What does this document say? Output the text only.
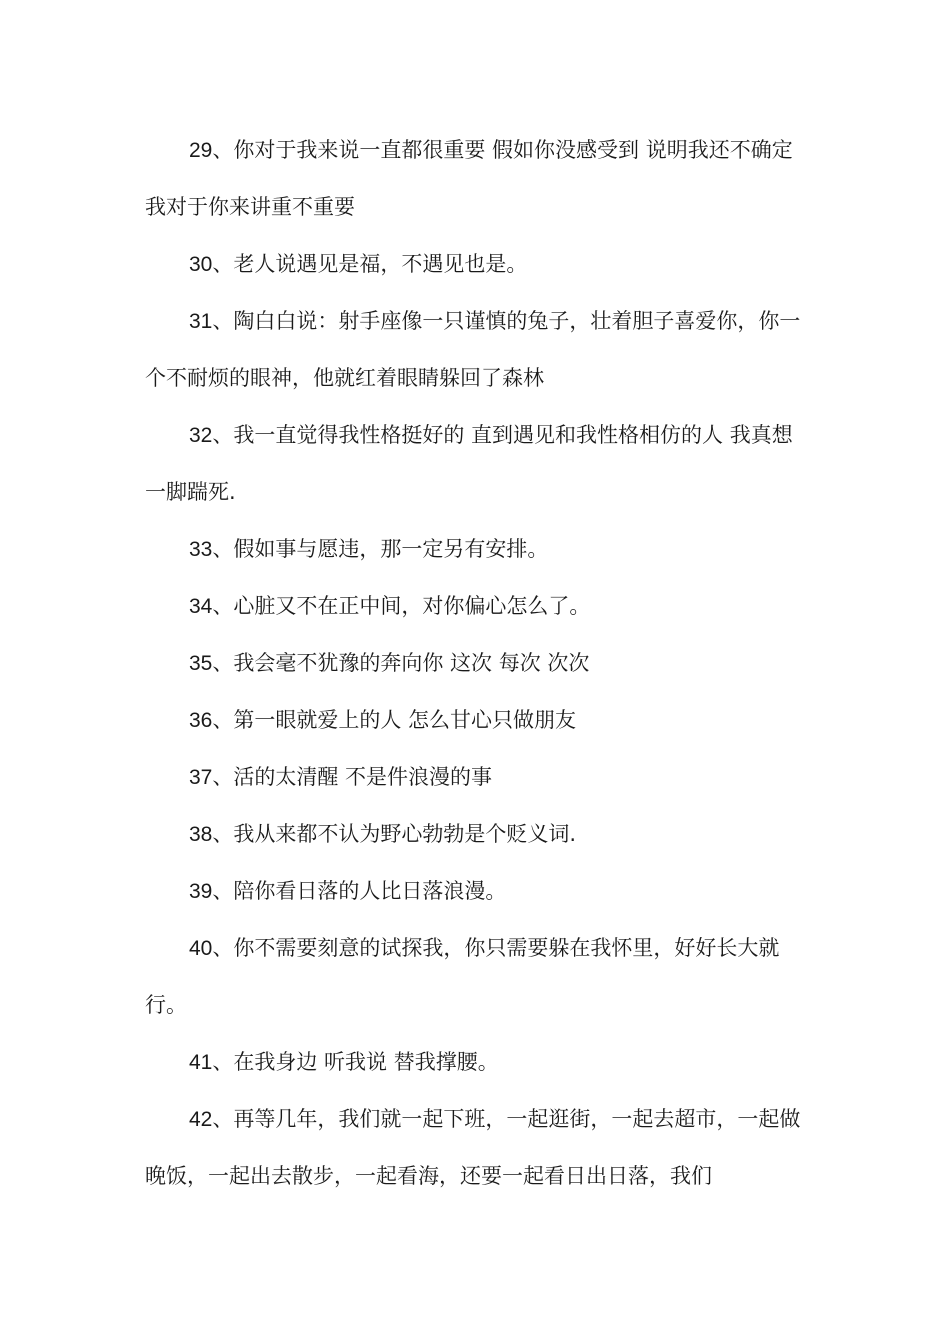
29、你对于我来说一直都很重要 假如你没感受到 说明我还不确定我对于你来讲重不重要

30、老人说遇见是福，不遇见也是。

31、陶白白说：射手座像一只谨慎的兔子，壮着胆子喜爱你，你一个不耐烦的眼神，他就红着眼睛躲回了森林

32、我一直觉得我性格挺好的 直到遇见和我性格相仿的人 我真想一脚踹死.

33、假如事与愿违，那一定另有安排。

34、心脏又不在正中间，对你偏心怎么了。

35、我会毫不犹豫的奔向你 这次 每次 次次

36、第一眼就爱上的人 怎么甘心只做朋友

37、活的太清醒 不是件浪漫的事

38、我从来都不认为野心勃勃是个贬义词.

39、陪你看日落的人比日落浪漫。

40、你不需要刻意的试探我，你只需要躲在我怀里，好好长大就行。

41、在我身边 听我说 替我撑腰。

42、再等几年，我们就一起下班，一起逛街，一起去超市，一起做晚饭，一起出去散步，一起看海，还要一起看日出日落，我们
